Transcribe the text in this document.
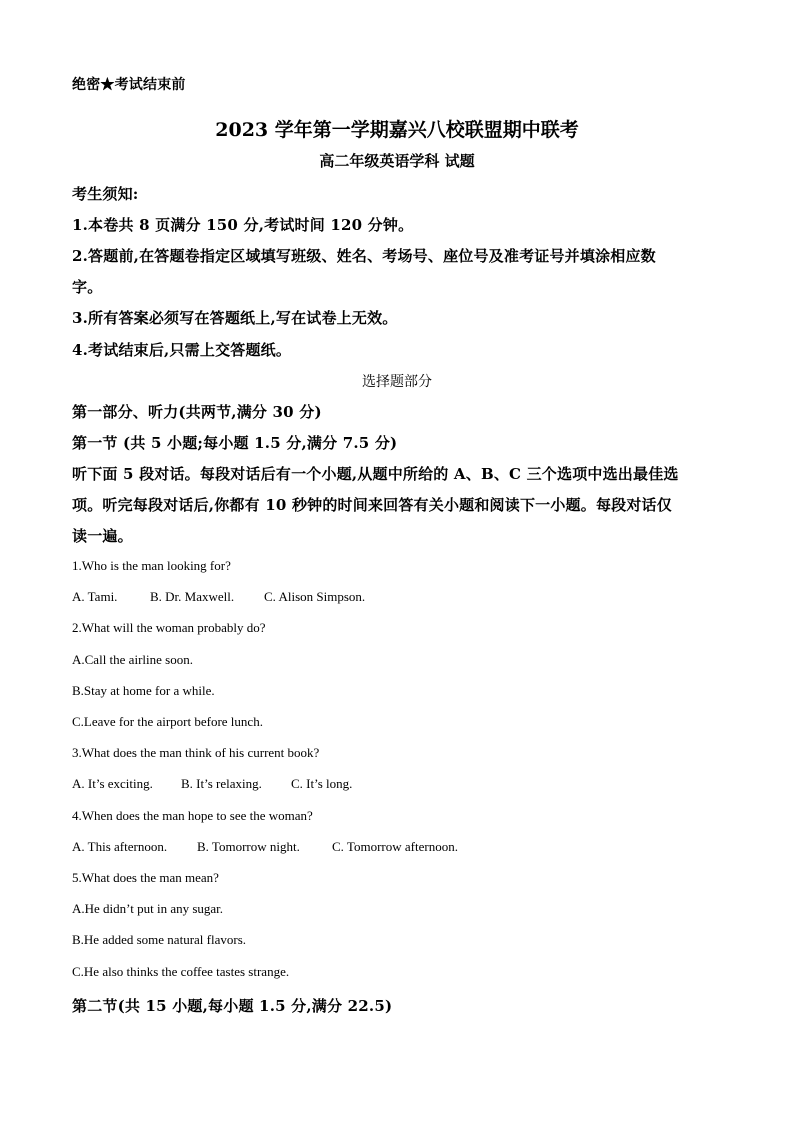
绝密★考试结束前
2023 学年第一学期嘉兴八校联盟期中联考
高二年级英语学科 试题
考生须知:
1.本卷共 8 页满分 150 分,考试时间 120 分钟。
2.答题前,在答题卷指定区域填写班级、姓名、考场号、座位号及准考证号并填涂相应数
字。
3.所有答案必须写在答题纸上,写在试卷上无效。
4.考试结束后,只需上交答题纸。
选择题部分
第一部分、听力(共两节,满分 30 分)
第一节 (共 5 小题;每小题 1.5 分,满分 7.5 分)
听下面 5 段对话。每段对话后有一个小题,从题中所给的 A、B、C 三个选项中选出最佳选
项。听完每段对话后,你都有 10 秒钟的时间来回答有关小题和阅读下一小题。每段对话仅
读一遍。
1.Who is the man looking for?
A. Tami.	B. Dr. Maxwell. C. Alison Simpson.
2.What will the woman probably do?
A.Call the airline soon.
B.Stay at home for a while.
C.Leave for the airport before lunch.
3.What does the man think of his current book?
A. It’s exciting. B. It’s relaxing. C. It’s long.
4.When does the man hope to see the woman?
A. This afternoon. B. Tomorrow night. C. Tomorrow afternoon.
5.What does the man mean?
A.He didn’t put in any sugar.
B.He added some natural flavors.
C.He also thinks the coffee tastes strange.
第二节(共 15 小题,每小题 1.5 分,满分 22.5)
